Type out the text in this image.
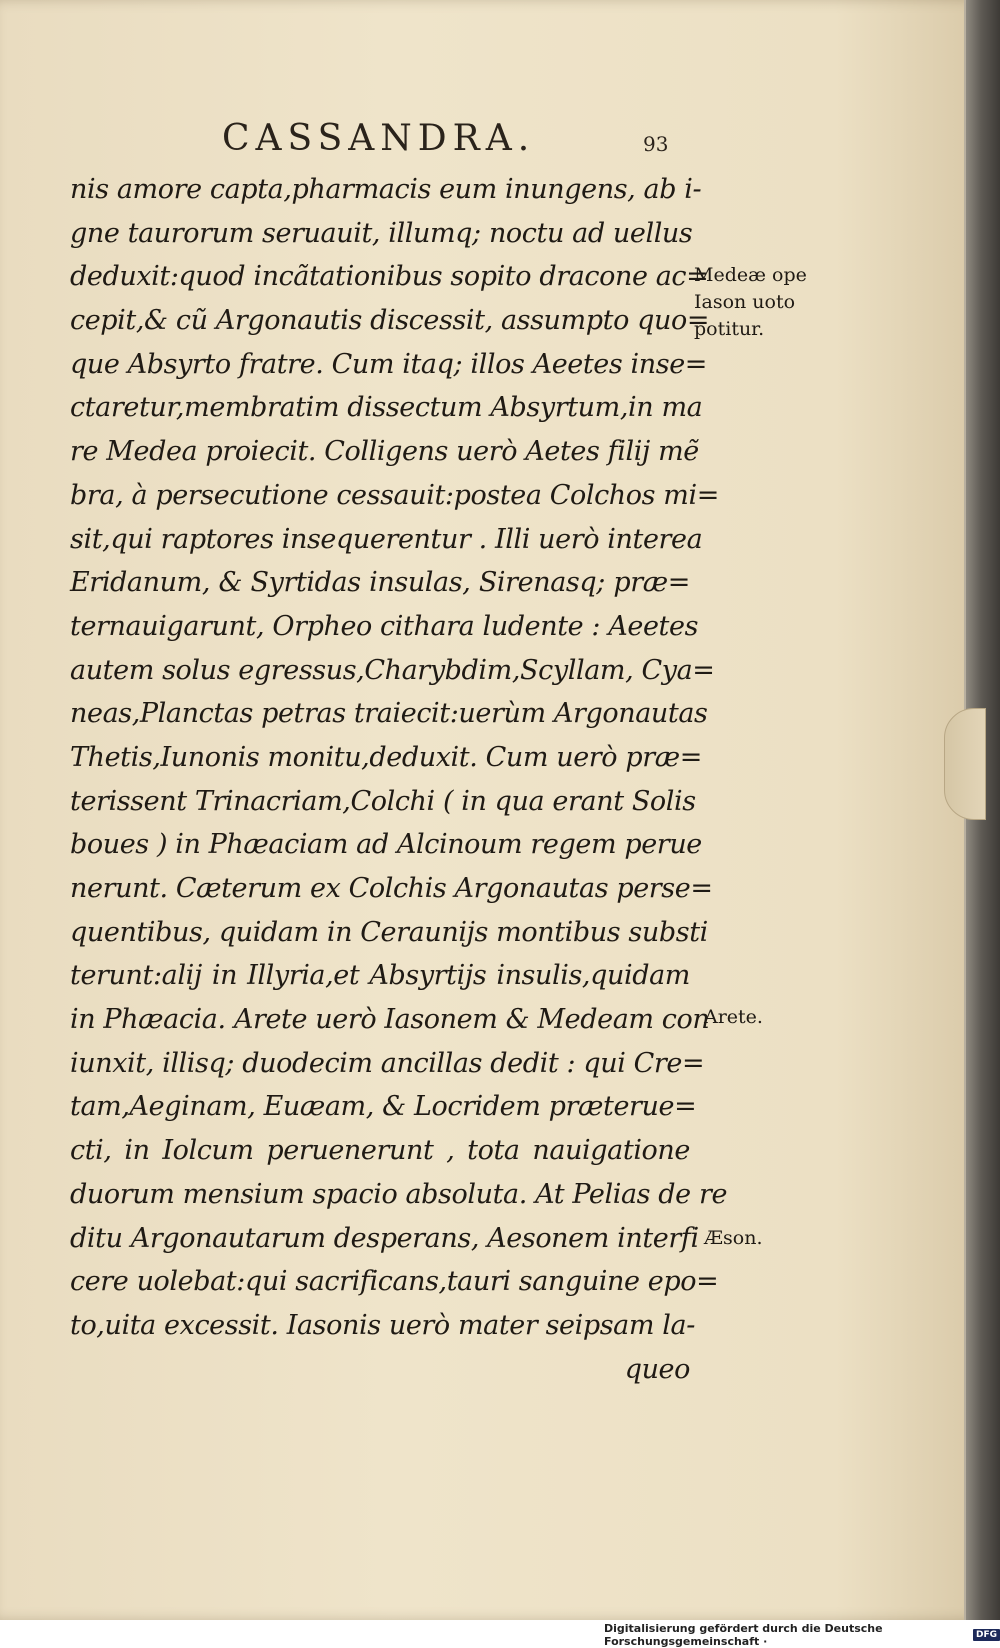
CASSANDRA.	93
nis amore capta,pharmacis eum inungens, ab i-
gne taurorum seruauit, illumq; noctu ad uellus
deduxit:quod incãtationibus sopito dracone ac=
cepit,& cũ Argonautis discessit, assumpto quo=
que Absyrto fratre. Cum itaq; illos Aeetes inse=
ctaretur,membratim dissectum Absyrtum,in ma
re Medea proiecit. Colligens uerò Aetes filij mẽ
bra, à persecutione cessauit:postea Colchos mi=
sit,qui raptores insequerentur . Illi uerò interea
Eridanum, & Syrtidas insulas, Sirenasq; præ=
ternauigarunt, Orpheo cithara ludente : Aeetes
autem solus egressus,Charybdim,Scyllam, Cya=
neas,Planctas petras traiecit:uerùm Argonautas
Thetis,Iunonis monitu,deduxit. Cum uerò præ=
terissent Trinacriam,Colchi ( in qua erant Solis
boues ) in Phæaciam ad Alcinoum regem perue
nerunt. Cæterum ex Colchis Argonautas perse=
quentibus, quidam in Cerauniјs montibus substi
terunt:alij in Illyria,et Absyrtiјs insulis,quidam
in Phæacia. Arete uerò Iasonem & Medeam con
iunxit, illisq; duodecim ancillas dedit : qui Cre=
tam,Aeginam, Euæam, & Locridem præterue=
cti, in Iolcum peruenerunt , tota nauigatione
duorum mensium spacio absoluta. At Pelias de re
ditu Argonautarum desperans, Aesonem interfi
cere uolebat:qui sacrificans,tauri sanguine epo=
to,uita excessit. Iasonis uerò mater seipsam la-
queo
Medeæ ope
Iason uoto
potitur.
Arete.
Æson.
Digitalisierung gefördert durch die Deutsche Forschungsgemeinschaft ·	DFG
